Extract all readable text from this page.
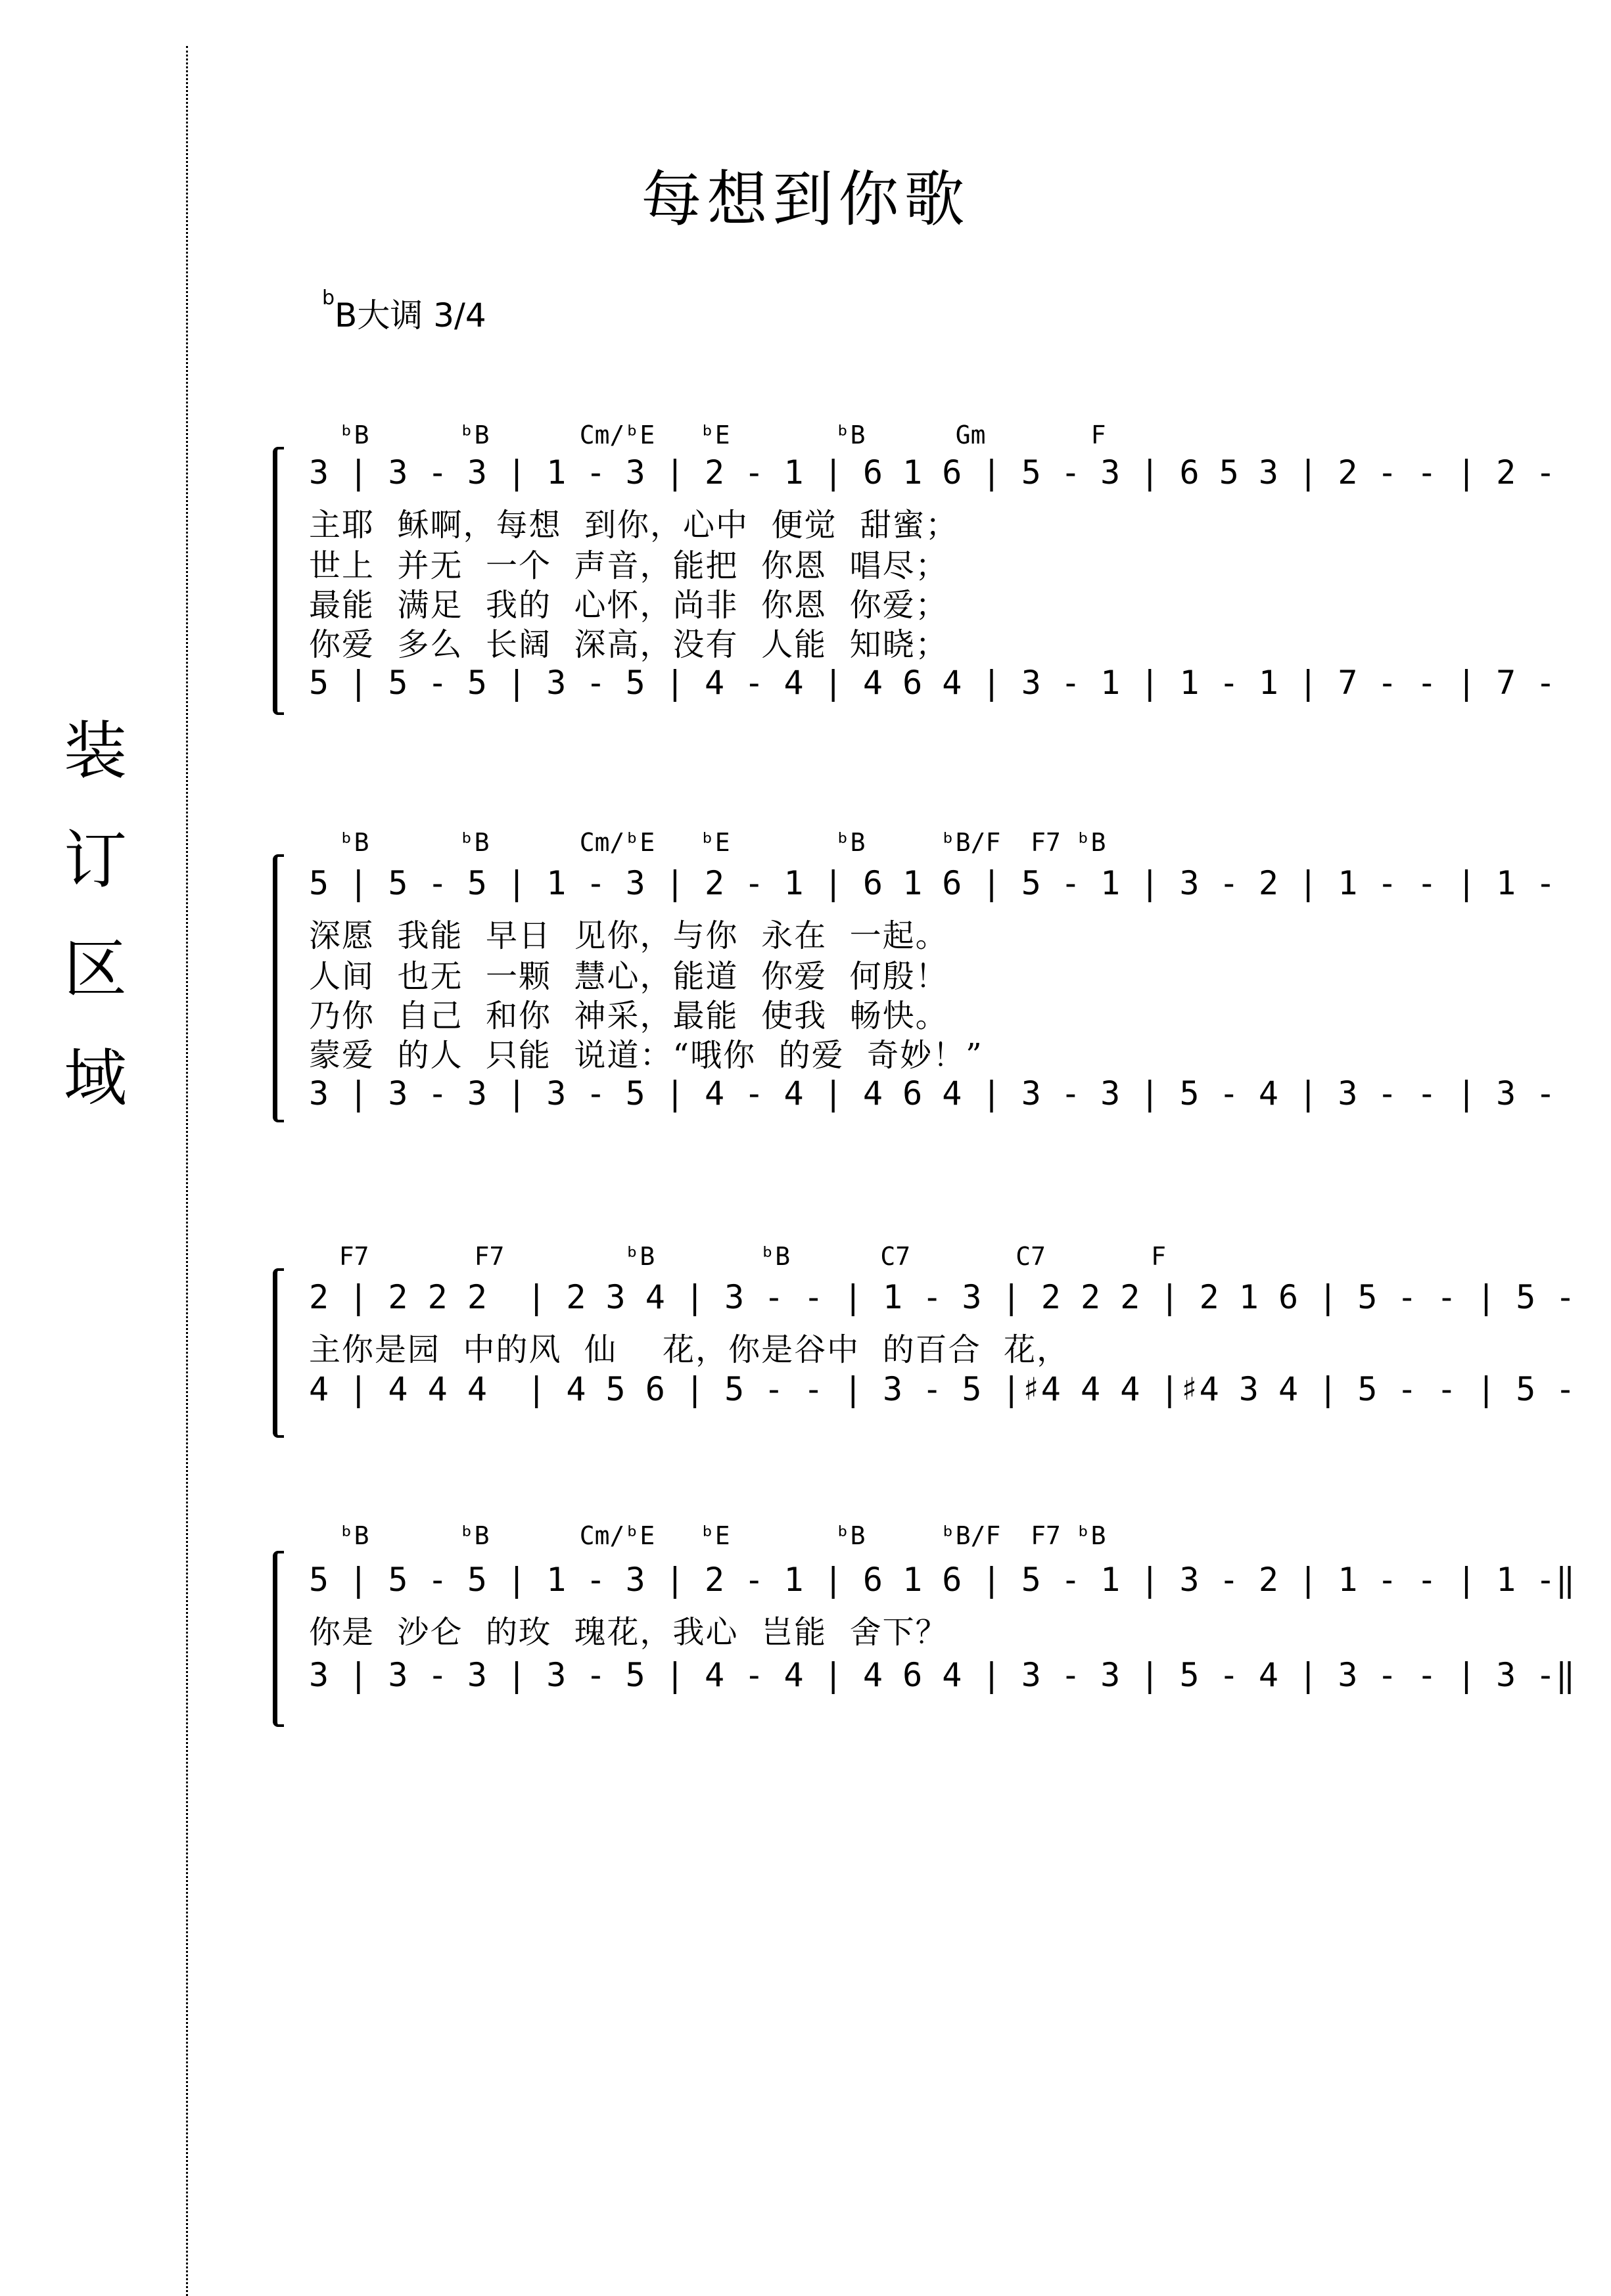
装订区域
每想到你歌
$^b$B大调 3/4
ᵇB      ᵇB      Cm/ᵇE   ᵇE       ᵇB      Gm       F
3 | 3 - 3 | 1 - 3 | 2 - 1 | 6 1 6 | 5 - 3 | 6 5 3 | 2 - - | 2 -
主耶  稣啊，每想  到你，心中  便觉  甜蜜；
世上  并无  一个  声音，能把  你恩  唱尽；
最能  满足  我的  心怀，尚非  你恩  你爱；
你爱  多么  长阔  深高，没有  人能  知晓；
5 | 5 - 5 | 3 - 5 | 4 - 4 | 4 6 4 | 3 - 1 | 1 - 1 | 7 - - | 7 -
ᵇB      ᵇB      Cm/ᵇE   ᵇE       ᵇB     ᵇB/F  F7 ᵇB
5 | 5 - 5 | 1 - 3 | 2 - 1 | 6 1 6 | 5 - 1 | 3 - 2 | 1 - - | 1 -
深愿  我能  早日  见你，与你  永在  一起。
人间  也无  一颗  慧心，能道  你爱  何殷！
乃你  自己  和你  神采，最能  使我  畅快。
蒙爱  的人  只能  说道：“哦你  的爱  奇妙！”
3 | 3 - 3 | 3 - 5 | 4 - 4 | 4 6 4 | 3 - 3 | 5 - 4 | 3 - - | 3 -
F7       F7        ᵇB       ᵇB      C7       C7       F
2 | 2 2 2  | 2 3 4 | 3 - - | 1 - 3 | 2 2 2 | 2 1 6 | 5 - - | 5 -
主你是园  中的风  仙    花，你是谷中  的百合  花，
4 | 4 4 4  | 4 5 6 | 5 - - | 3 - 5 |♯4 4 4 |♯4 3 4 | 5 - - | 5 -
ᵇB      ᵇB      Cm/ᵇE   ᵇE       ᵇB     ᵇB/F  F7 ᵇB
5 | 5 - 5 | 1 - 3 | 2 - 1 | 6 1 6 | 5 - 1 | 3 - 2 | 1 - - | 1 -‖
你是  沙仑  的玫  瑰花，我心  岂能  舍下？
3 | 3 - 3 | 3 - 5 | 4 - 4 | 4 6 4 | 3 - 3 | 5 - 4 | 3 - - | 3 -‖
